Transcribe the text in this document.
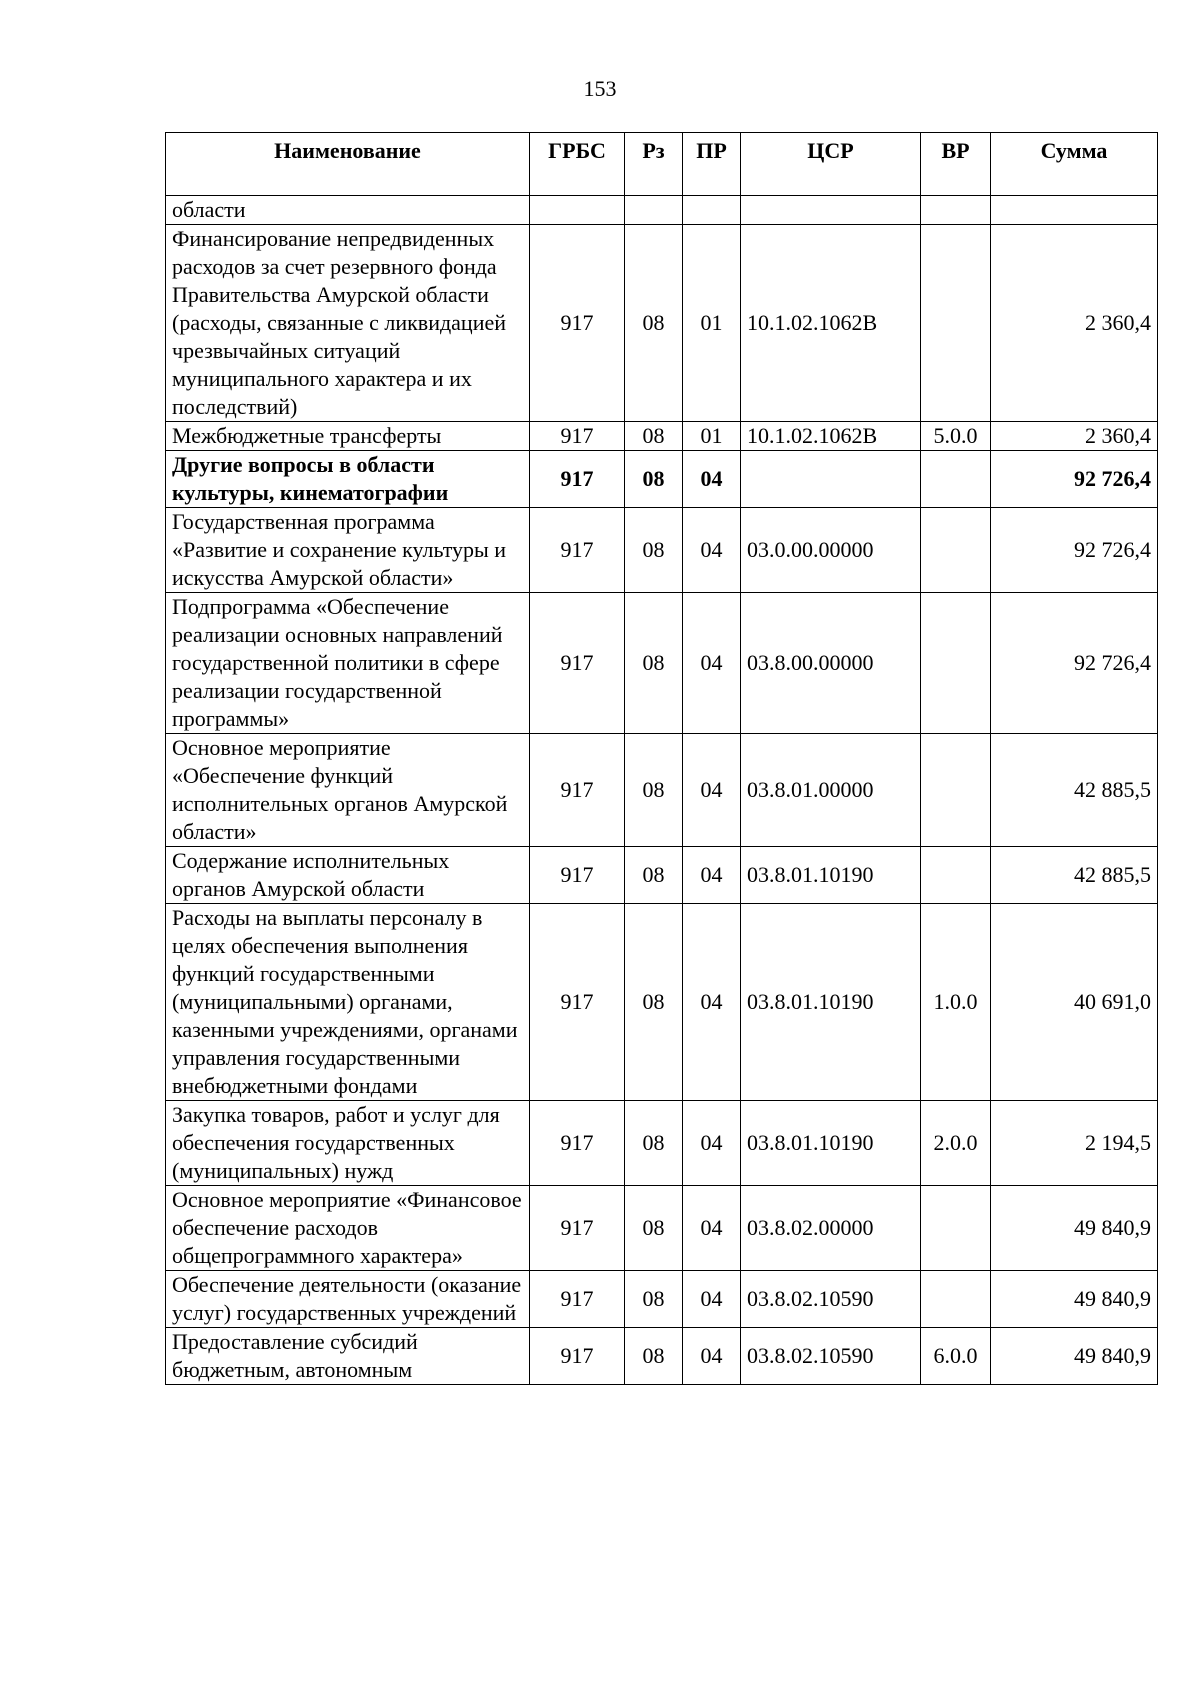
153
Наименование	ГРБС	Рз	ПР	ЦСР	ВР	Сумма
области						
Финансирование непредвиденных расходов за счет резервного фонда Правительства Амурской области (расходы, связанные с ликвидацией чрезвычайных ситуаций муниципального характера и их последствий)	917	08	01	10.1.02.1062В		2 360,4
Межбюджетные трансферты	917	08	01	10.1.02.1062В	5.0.0	2 360,4
Другие вопросы в области культуры, кинематографии	917	08	04			92 726,4
Государственная программа «Развитие и сохранение культуры и искусства Амурской области»	917	08	04	03.0.00.00000		92 726,4
Подпрограмма «Обеспечение реализации основных направлений государственной политики в сфере реализации государственной программы»	917	08	04	03.8.00.00000		92 726,4
Основное мероприятие «Обеспечение функций исполнительных органов Амурской области»	917	08	04	03.8.01.00000		42 885,5
Содержание исполнительных органов Амурской области	917	08	04	03.8.01.10190		42 885,5
Расходы на выплаты персоналу в целях обеспечения выполнения функций государственными (муниципальными) органами, казенными учреждениями, органами управления государственными внебюджетными фондами	917	08	04	03.8.01.10190	1.0.0	40 691,0
Закупка товаров, работ и услуг для обеспечения государственных (муниципальных) нужд	917	08	04	03.8.01.10190	2.0.0	2 194,5
Основное мероприятие «Финансовое обеспечение расходов общепрограммного характера»	917	08	04	03.8.02.00000		49 840,9
Обеспечение деятельности (оказание услуг) государственных учреждений	917	08	04	03.8.02.10590		49 840,9
Предоставление субсидий бюджетным, автономным	917	08	04	03.8.02.10590	6.0.0	49 840,9
